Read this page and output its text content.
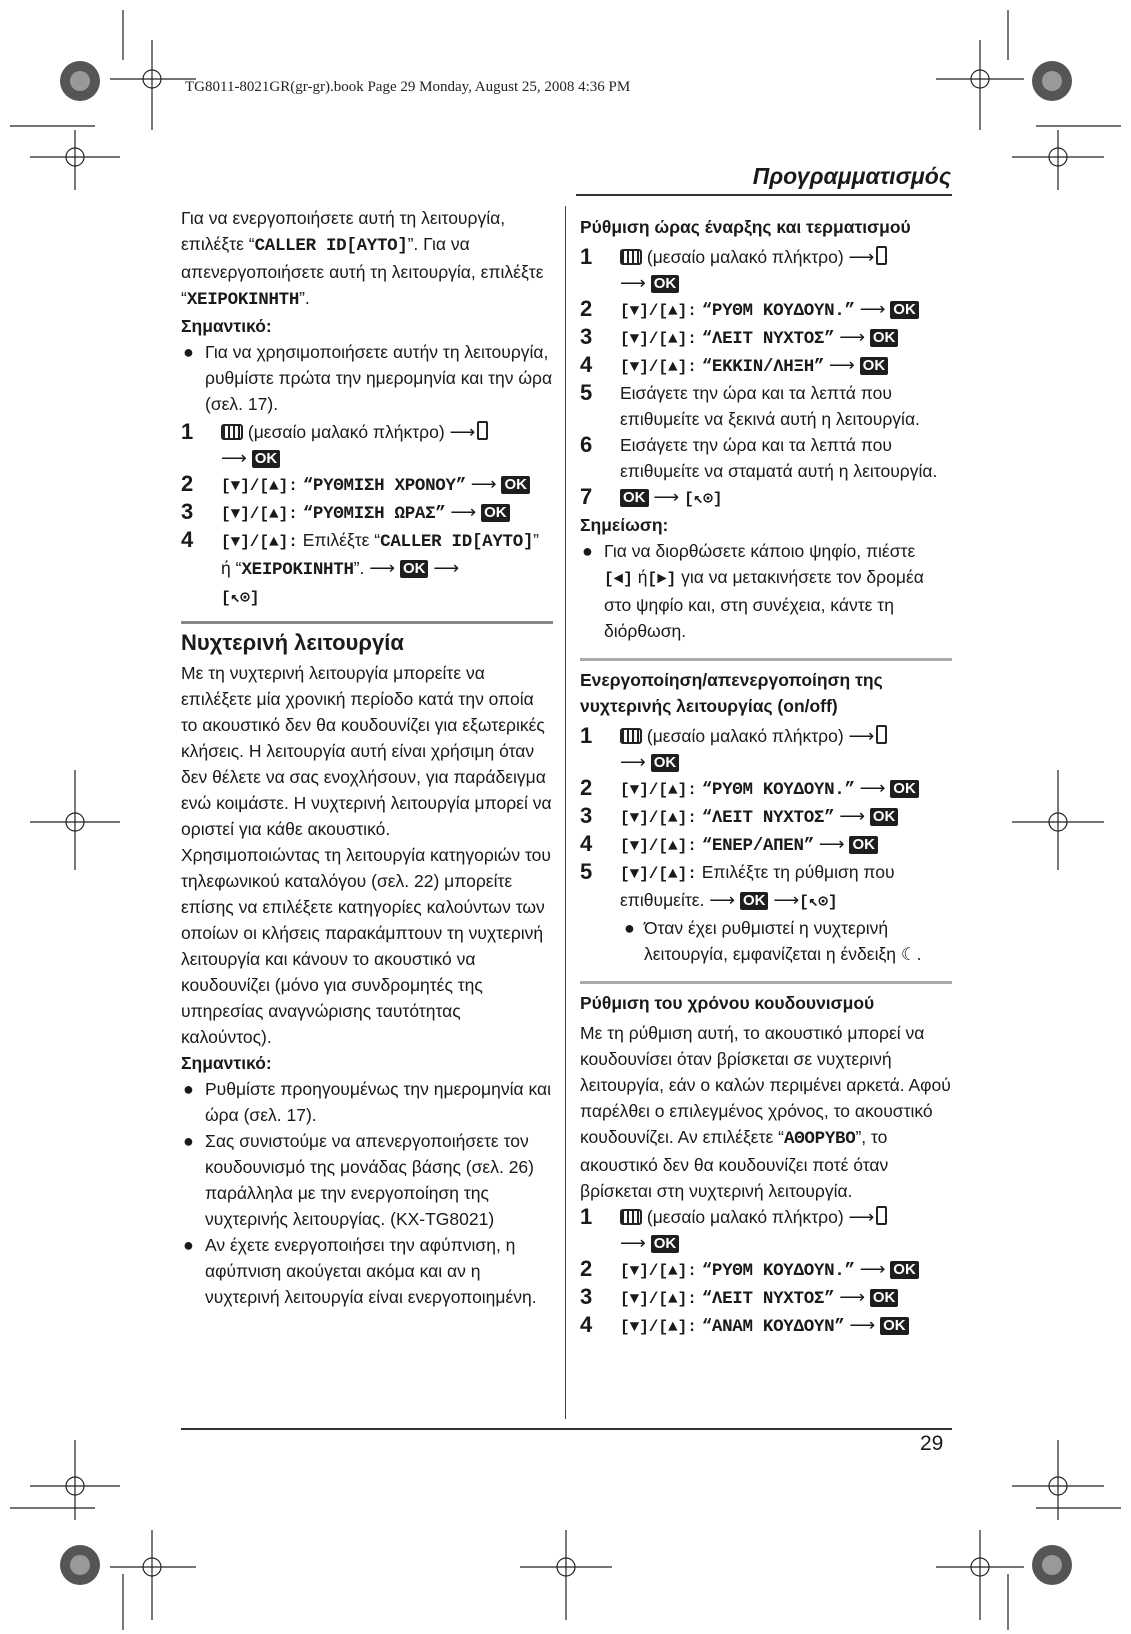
TG8011-8021GR(gr-gr).book Page 29 Monday, August 25, 2008 4:36 PM
Προγραμματισμός
29

Για να ενεργοποιήσετε αυτή τη λειτουργία, επιλέξτε “CALLER ID[ΑΥΤΟ]”. Για να απενεργοποιήσετε αυτή τη λειτουργία, επιλέξτε “ΧΕΙΡΟΚΙΝΗΤΗ”.

Σημαντικό:

● Για να χρησιμοποιήσετε αυτήν τη λειτουργία, ρυθμίστε πρώτα την ημερομηνία και την ώρα (σελ. 17).
1	(μεσαίο μαλακό πλήκτρο) ⟶
⟶ OK
2	[▼]/[▲]: “ΡΥΘΜΙΣΗ ΧΡΟΝΟΥ” ⟶ OK
3	[▼]/[▲]: “ΡΥΘΜΙΣΗ ΩΡΑΣ” ⟶ OK
4	[▼]/[▲]: Επιλέξτε “CALLER ID[ΑΥΤΟ]” ή “ΧΕΙΡΟΚΙΝΗΤΗ”. ⟶ OK ⟶
[↖⊙]

Νυχτερινή λειτουργία

Με τη νυχτερινή λειτουργία μπορείτε να επιλέξετε μία χρονική περίοδο κατά την οποία το ακουστικό δεν θα κουδουνίζει για εξωτερικές κλήσεις. Η λειτουργία αυτή είναι χρήσιμη όταν δεν θέλετε να σας ενοχλήσουν, για παράδειγμα ενώ κοιμάστε. Η νυχτερινή λειτουργία μπορεί να οριστεί για κάθε ακουστικό.

Χρησιμοποιώντας τη λειτουργία κατηγοριών του τηλεφωνικού καταλόγου (σελ. 22) μπορείτε επίσης να επιλέξετε κατηγορίες καλούντων των οποίων οι κλήσεις παρακάμπτουν τη νυχτερινή λειτουργία και κάνουν το ακουστικό να κουδουνίζει (μόνο για συνδρομητές της υπηρεσίας αναγνώρισης ταυτότητας καλούντος).

Σημαντικό:

● Ρυθμίστε προηγουμένως την ημερομηνία και ώρα (σελ. 17).
● Σας συνιστούμε να απενεργοποιήσετε τον κουδουνισμό της μονάδας βάσης (σελ. 26) παράλληλα με την ενεργοποίηση της νυχτερινής λειτουργίας. (KX-TG8021)
● Αν έχετε ενεργοποιήσει την αφύπνιση, η αφύπνιση ακούγεται ακόμα και αν η νυχτερινή λειτουργία είναι ενεργοποιημένη.

Ρύθμιση ώρας έναρξης και τερματισμού

1	(μεσαίο μαλακό πλήκτρο) ⟶
⟶ OK
2	[▼]/[▲]: “ΡΥΘΜ ΚΟΥΔΟΥΝ.” ⟶ OK
3	[▼]/[▲]: “ΛΕΙΤ ΝΥΧΤΟΣ” ⟶ OK
4	[▼]/[▲]: “ΕΚΚΙΝ/ΛΗΞΗ” ⟶ OK
5	Εισάγετε την ώρα και τα λεπτά που επιθυμείτε να ξεκινά αυτή η λειτουργία.
6	Εισάγετε την ώρα και τα λεπτά που επιθυμείτε να σταματά αυτή η λειτουργία.
7	OK ⟶ [↖⊙]

Σημείωση:

● Για να διορθώσετε κάποιο ψηφίο, πιέστε
[◄] ή[►] για να μετακινήσετε τον δρομέα στο ψηφίο και, στη συνέχεια, κάντε τη διόρθωση.

Ενεργοποίηση/απενεργοποίηση της νυχτερινής λειτουργίας (on/off)

1	(μεσαίο μαλακό πλήκτρο) ⟶
⟶ OK
2	[▼]/[▲]: “ΡΥΘΜ ΚΟΥΔΟΥΝ.” ⟶ OK
3	[▼]/[▲]: “ΛΕΙΤ ΝΥΧΤΟΣ” ⟶ OK
4	[▼]/[▲]: “ΕΝΕΡ/ΑΠΕΝ” ⟶ OK
5	[▼]/[▲]: Επιλέξτε τη ρύθμιση που επιθυμείτε. ⟶ OK ⟶[↖⊙]
● Όταν έχει ρυθμιστεί η νυχτερινή λειτουργία, εμφανίζεται η ένδειξη ☾.

Ρύθμιση του χρόνου κουδουνισμού

Με τη ρύθμιση αυτή, το ακουστικό μπορεί να κουδουνίσει όταν βρίσκεται σε νυχτερινή λειτουργία, εάν ο καλών περιμένει αρκετά. Αφού παρέλθει ο επιλεγμένος χρόνος, το ακουστικό κουδουνίζει. Αν επιλέξετε “ΑΘΟΡΥΒΟ”, το ακουστικό δεν θα κουδουνίζει ποτέ όταν βρίσκεται στη νυχτερινή λειτουργία.

1	(μεσαίο μαλακό πλήκτρο) ⟶
⟶ OK
2	[▼]/[▲]: “ΡΥΘΜ ΚΟΥΔΟΥΝ.” ⟶ OK
3	[▼]/[▲]: “ΛΕΙΤ ΝΥΧΤΟΣ” ⟶ OK
4	[▼]/[▲]: “ΑΝΑΜ ΚΟΥΔΟΥΝ” ⟶ OK
